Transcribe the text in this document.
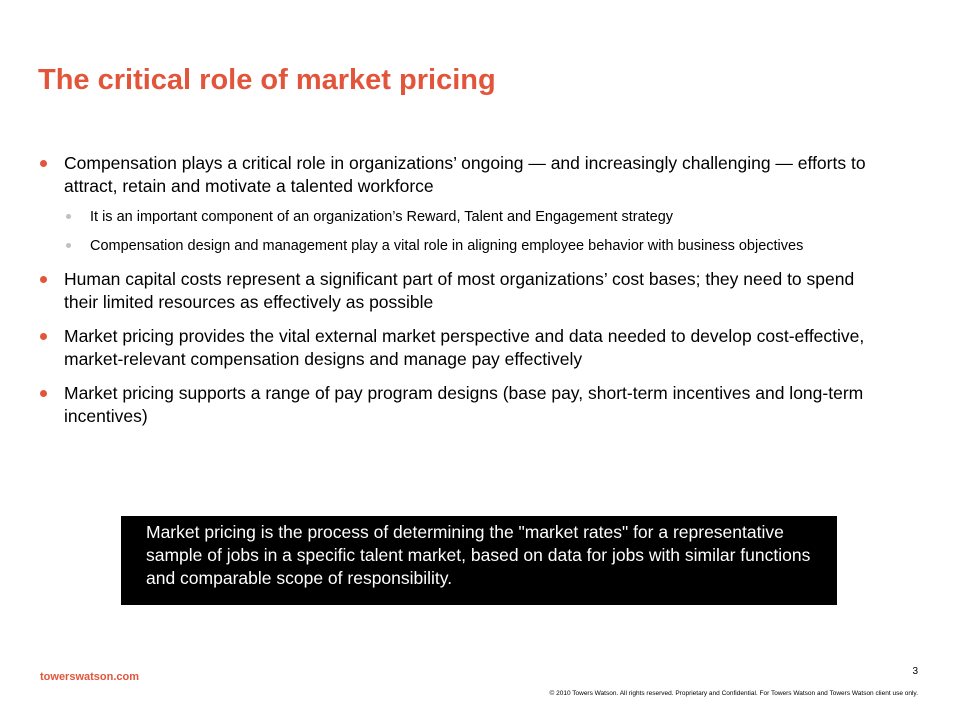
The critical role of market pricing
Compensation plays a critical role in organizations’ ongoing — and increasingly challenging — efforts to attract, retain and motivate a talented workforce
It is an important component of an organization’s Reward, Talent and Engagement strategy
Compensation design and management play a vital role in aligning employee behavior with business objectives
Human capital costs represent a significant part of most organizations’ cost bases; they need to spend their limited resources as effectively as possible
Market pricing provides the vital external market perspective and data needed to develop cost-effective, market-relevant compensation designs and manage pay effectively
Market pricing supports a range of pay program designs (base pay, short-term incentives and long-term incentives)
Market pricing is the process of determining the "market rates" for a representative sample of jobs in a specific talent market, based on data for jobs with similar functions and comparable scope of responsibility.
towerswatson.com	3
© 2010 Towers Watson. All rights reserved. Proprietary and Confidential. For Towers Watson and Towers Watson client use only.
